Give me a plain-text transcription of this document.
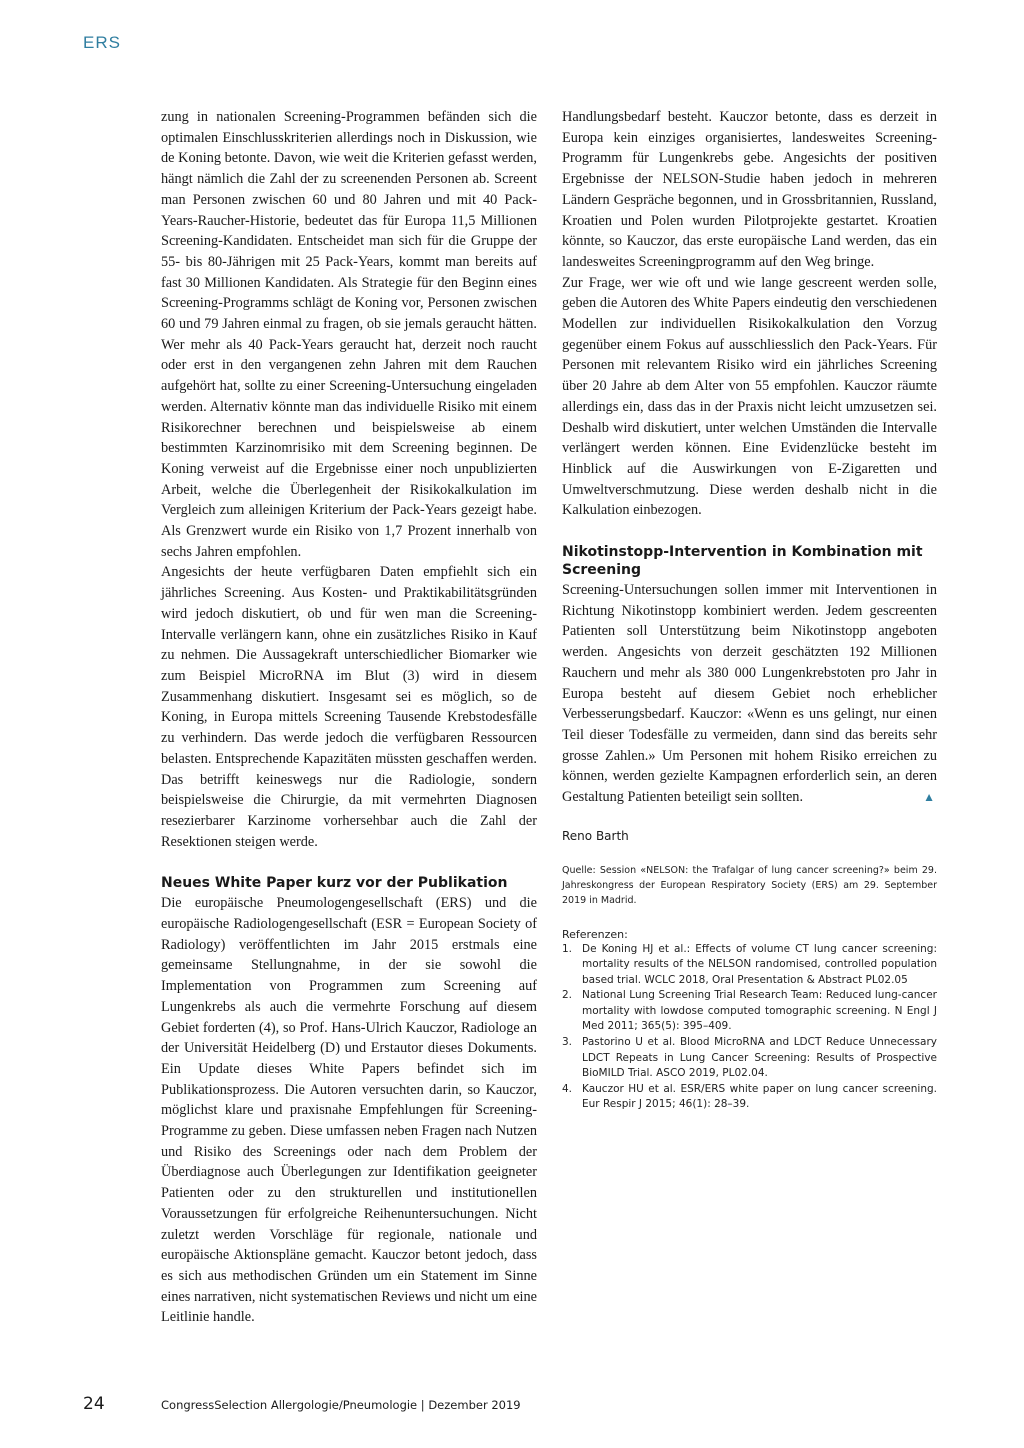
ERS

zung in nationalen Screening-Programmen befänden sich die optimalen Einschlusskriterien allerdings noch in Diskussion, wie de Koning betonte. Davon, wie weit die Kriterien gefasst werden, hängt nämlich die Zahl der zu screenenden Personen ab. Screent man Personen zwischen 60 und 80 Jahren und mit 40 Pack-Years-Raucher-Historie, bedeutet das für Europa 11,5 Millionen Screening-Kandidaten. Entscheidet man sich für die Gruppe der 55- bis 80-Jährigen mit 25 Pack-Years, kommt man bereits auf fast 30 Millionen Kandidaten. Als Strategie für den Beginn eines Screening-Programms schlägt de Koning vor, Personen zwischen 60 und 79 Jahren einmal zu fragen, ob sie jemals geraucht hätten. Wer mehr als 40 Pack-Years geraucht hat, derzeit noch raucht oder erst in den vergangenen zehn Jahren mit dem Rauchen aufgehört hat, sollte zu einer Screening-Untersuchung eingeladen werden. Alternativ könnte man das individuelle Risiko mit einem Risikorechner berechnen und beispielsweise ab einem bestimmten Karzinomrisiko mit dem Screening beginnen. De Koning verweist auf die Ergebnisse einer noch unpublizierten Arbeit, welche die Überlegenheit der Risikokalkulation im Vergleich zum alleinigen Kriterium der Pack-Years gezeigt habe. Als Grenzwert wurde ein Risiko von 1,7 Prozent innerhalb von sechs Jahren empfohlen.

Angesichts der heute verfügbaren Daten empfiehlt sich ein jährliches Screening. Aus Kosten- und Praktikabilitätsgründen wird jedoch diskutiert, ob und für wen man die Screening-Intervalle verlängern kann, ohne ein zusätzliches Risiko in Kauf zu nehmen. Die Aussagekraft unterschiedlicher Biomarker wie zum Beispiel MicroRNA im Blut (3) wird in diesem Zusammenhang diskutiert. Insgesamt sei es möglich, so de Koning, in Europa mittels Screening Tausende Krebstodesfälle zu verhindern. Das werde jedoch die verfügbaren Ressourcen belasten. Entsprechende Kapazitäten müssten geschaffen werden. Das betrifft keineswegs nur die Radiologie, sondern beispielsweise die Chirurgie, da mit vermehrten Diagnosen resezierbarer Karzinome vorhersehbar auch die Zahl der Resektionen steigen werde.

Neues White Paper kurz vor der Publikation

Die europäische Pneumologengesellschaft (ERS) und die europäische Radiologengesellschaft (ESR = European Society of Radiology) veröffentlichten im Jahr 2015 erstmals eine gemeinsame Stellungnahme, in der sie sowohl die Implementation von Programmen zum Screening auf Lungenkrebs als auch die vermehrte Forschung auf diesem Gebiet forderten (4), so Prof. Hans-Ulrich Kauczor, Radiologe an der Universität Heidelberg (D) und Erstautor dieses Dokuments. Ein Update dieses White Papers befindet sich im Publikationsprozess. Die Autoren versuchten darin, so Kauczor, möglichst klare und praxisnahe Empfehlungen für Screening-Programme zu geben. Diese umfassen neben Fragen nach Nutzen und Risiko des Screenings oder nach dem Problem der Überdiagnose auch Überlegungen zur Identifikation geeigneter Patienten oder zu den strukturellen und institutionellen Voraussetzungen für erfolgreiche Reihenuntersuchungen. Nicht zuletzt werden Vorschläge für regionale, nationale und europäische Aktionspläne gemacht. Kauczor betont jedoch, dass es sich aus methodischen Gründen um ein Statement im Sinne eines narrativen, nicht systematischen Reviews und nicht um eine Leitlinie handle.

Handlungsbedarf besteht. Kauczor betonte, dass es derzeit in Europa kein einziges organisiertes, landesweites Screening-Programm für Lungenkrebs gebe. Angesichts der positiven Ergebnisse der NELSON-Studie haben jedoch in mehreren Ländern Gespräche begonnen, und in Grossbritannien, Russland, Kroatien und Polen wurden Pilotprojekte gestartet. Kroatien könnte, so Kauczor, das erste europäische Land werden, das ein landesweites Screeningprogramm auf den Weg bringe.

Zur Frage, wer wie oft und wie lange gescreent werden solle, geben die Autoren des White Papers eindeutig den verschiedenen Modellen zur individuellen Risikokalkulation den Vorzug gegenüber einem Fokus auf ausschliesslich den Pack-Years. Für Personen mit relevantem Risiko wird ein jährliches Screening über 20 Jahre ab dem Alter von 55 empfohlen. Kauczor räumte allerdings ein, dass das in der Praxis nicht leicht umzusetzen sei. Deshalb wird diskutiert, unter welchen Umständen die Intervalle verlängert werden können. Eine Evidenzlücke besteht im Hinblick auf die Auswirkungen von E-Zigaretten und Umweltverschmutzung. Diese werden deshalb nicht in die Kalkulation einbezogen.

Nikotinstopp-Intervention in Kombination mit Screening

Screening-Untersuchungen sollen immer mit Interventionen in Richtung Nikotinstopp kombiniert werden. Jedem gescreenten Patienten soll Unterstützung beim Nikotinstopp angeboten werden. Angesichts von derzeit geschätzten 192 Millionen Rauchern und mehr als 380 000 Lungenkrebstoten pro Jahr in Europa besteht auf diesem Gebiet noch erheblicher Verbesserungsbedarf. Kauczor: «Wenn es uns gelingt, nur einen Teil dieser Todesfälle zu vermeiden, dann sind das bereits sehr grosse Zahlen.» Um Personen mit hohem Risiko erreichen zu können, werden gezielte Kampagnen erforderlich sein, an deren Gestaltung Patienten beteiligt sein sollten.	▲

Reno Barth
Quelle: Session «NELSON: the Trafalgar of lung cancer screening?» beim 29. Jahreskongress der European Respiratory Society (ERS) am 29. September 2019 in Madrid.
Referenzen:
1. De Koning HJ et al.: Effects of volume CT lung cancer screening: mortality results of the NELSON randomised, controlled population based trial. WCLC 2018, Oral Presentation & Abstract PL02.05
2. National Lung Screening Trial Research Team: Reduced lung-cancer mortality with lowdose computed tomographic screening. N Engl J Med 2011; 365(5): 395–409.
3. Pastorino U et al. Blood MicroRNA and LDCT Reduce Unnecessary LDCT Repeats in Lung Cancer Screening: Results of Prospective BioMILD Trial. ASCO 2019, PL02.04.
4. Kauczor HU et al. ESR/ERS white paper on lung cancer screening. Eur Respir J 2015; 46(1): 28–39.
24	CongressSelection Allergologie/Pneumologie | Dezember 2019
